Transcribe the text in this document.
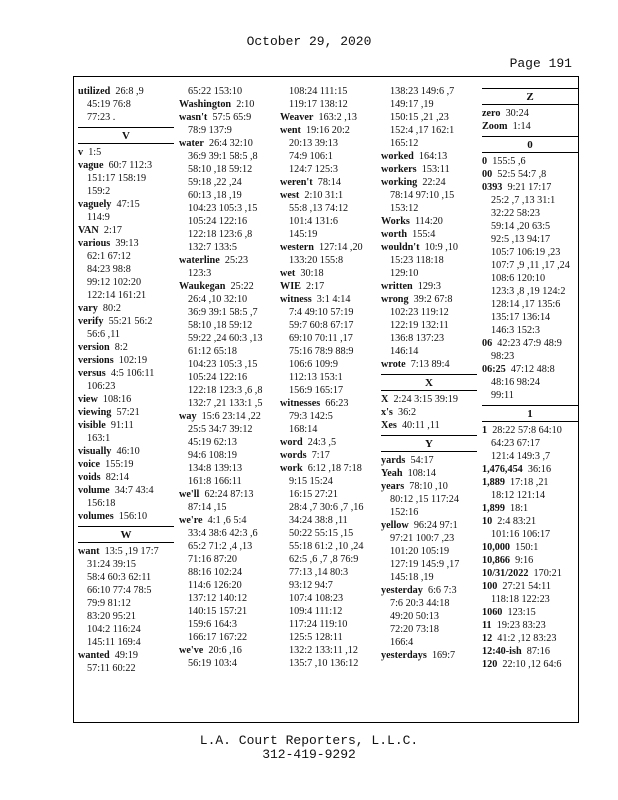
October 29, 2020
Page 191
utilized 26:8 ,9
45:19 76:8
77:23 .
V
v 1:5
vague 60:7 112:3
151:17 158:19
159:2
vaguely 47:15
114:9
VAN 2:17
various 39:13
62:1 67:12
84:23 98:8
99:12 102:20
122:14 161:21
vary 80:2
verify 55:21 56:2
56:6 ,11
version 8:2
versions 102:19
versus 4:5 106:11
106:23
view 108:16
viewing 57:21
visible 91:11
163:1
visually 46:10
voice 155:19
voids 82:14
volume 34:7 43:4
156:18
volumes 156:10
W
want 13:5 ,19 17:7
31:24 39:15
58:4 60:3 62:11
66:10 77:4 78:5
79:9 81:12
83:20 95:21
104:2 116:24
145:11 169:4
wanted 49:19
57:11 60:22
65:22 153:10
Washington 2:10
wasn't 57:5 65:9
78:9 137:9
water 26:4 32:10
36:9 39:1 58:5 ,8
58:10 ,18 59:12
59:18 ,22 ,24
60:13 ,18 ,19
104:23 105:3 ,15
105:24 122:16
122:18 123:6 ,8
132:7 133:5
waterline 25:23
123:3
Waukegan 25:22
26:4 ,10 32:10
36:9 39:1 58:5 ,7
58:10 ,18 59:12
59:22 ,24 60:3 ,13
61:12 65:18
104:23 105:3 ,15
105:24 122:16
122:18 123:3 ,6 ,8
132:7 ,21 133:1 ,5
way 15:6 23:14 ,22
25:5 34:7 39:12
45:19 62:13
94:6 108:19
134:8 139:13
161:8 166:11
we'll 62:24 87:13
87:14 ,15
we're 4:1 ,6 5:4
33:4 38:6 42:3 ,6
65:2 71:2 ,4 ,13
71:16 87:20
88:16 102:24
114:6 126:20
137:12 140:12
140:15 157:21
159:6 164:3
166:17 167:22
we've 20:6 ,16
56:19 103:4
108:24 111:15
119:17 138:12
Weaver 163:2 ,13
went 19:16 20:2
20:13 39:13
74:9 106:1
124:7 125:3
weren't 78:14
west 2:10 31:1
55:8 ,13 74:12
101:4 131:6
145:19
western 127:14 ,20
133:20 155:8
wet 30:18
WIE 2:17
witness 3:1 4:14
7:4 49:10 57:19
59:7 60:8 67:17
69:10 70:11 ,17
75:16 78:9 88:9
106:6 109:9
112:13 153:1
156:9 165:17
witnesses 66:23
79:3 142:5
168:14
word 24:3 ,5
words 7:17
work 6:12 ,18 7:18
9:15 15:24
16:15 27:21
28:4 ,7 30:6 ,7 ,16
34:24 38:8 ,11
50:22 55:15 ,15
55:18 61:2 ,10 ,24
62:5 ,6 ,7 ,8 76:9
77:13 ,14 80:3
93:12 94:7
107:4 108:23
109:4 111:12
117:24 119:10
125:5 128:11
132:2 133:11 ,12
135:7 ,10 136:12
138:23 149:6 ,7
149:17 ,19
150:15 ,21 ,23
152:4 ,17 162:1
165:12
worked 164:13
workers 153:11
working 22:24
78:14 97:10 ,15
153:12
Works 114:20
worth 155:4
wouldn't 10:9 ,10
15:23 118:18
129:10
written 129:3
wrong 39:2 67:8
102:23 119:12
122:19 132:11
136:8 137:23
146:14
wrote 7:13 89:4
X
X 2:24 3:15 39:19
x's 36:2
Xes 40:11 ,11
Y
yards 54:17
Yeah 108:14
years 78:10 ,10
80:12 ,15 117:24
152:16
yellow 96:24 97:1
97:21 100:7 ,23
101:20 105:19
127:19 145:9 ,17
145:18 ,19
yesterday 6:6 7:3
7:6 20:3 44:18
49:20 50:13
72:20 73:18
166:4
yesterdays 169:7
Z
zero 30:24
Zoom 1:14
0
0 155:5 ,6
00 52:5 54:7 ,8
0393 9:21 17:17
25:2 ,7 ,13 31:1
32:22 58:23
59:14 ,20 63:5
92:5 ,13 94:17
105:7 106:19 ,23
107:7 ,9 ,11 ,17 ,24
108:6 120:10
123:3 ,8 ,19 124:2
128:14 ,17 135:6
135:17 136:14
146:3 152:3
06 42:23 47:9 48:9
98:23
06:25 47:12 48:8
48:16 98:24
99:11
1
1 28:22 57:8 64:10
64:23 67:17
121:4 149:3 ,7
1,476,454 36:16
1,889 17:18 ,21
18:12 121:14
1,899 18:1
10 2:4 83:21
101:16 106:17
10,000 150:1
10,866 9:16
10/31/2022 170:21
100 27:21 54:11
118:18 122:23
1060 123:15
11 19:23 83:23
12 41:2 ,12 83:23
12:40-ish 87:16
120 22:10 ,12 64:6
L.A. Court Reporters, L.L.C.
312-419-9292
